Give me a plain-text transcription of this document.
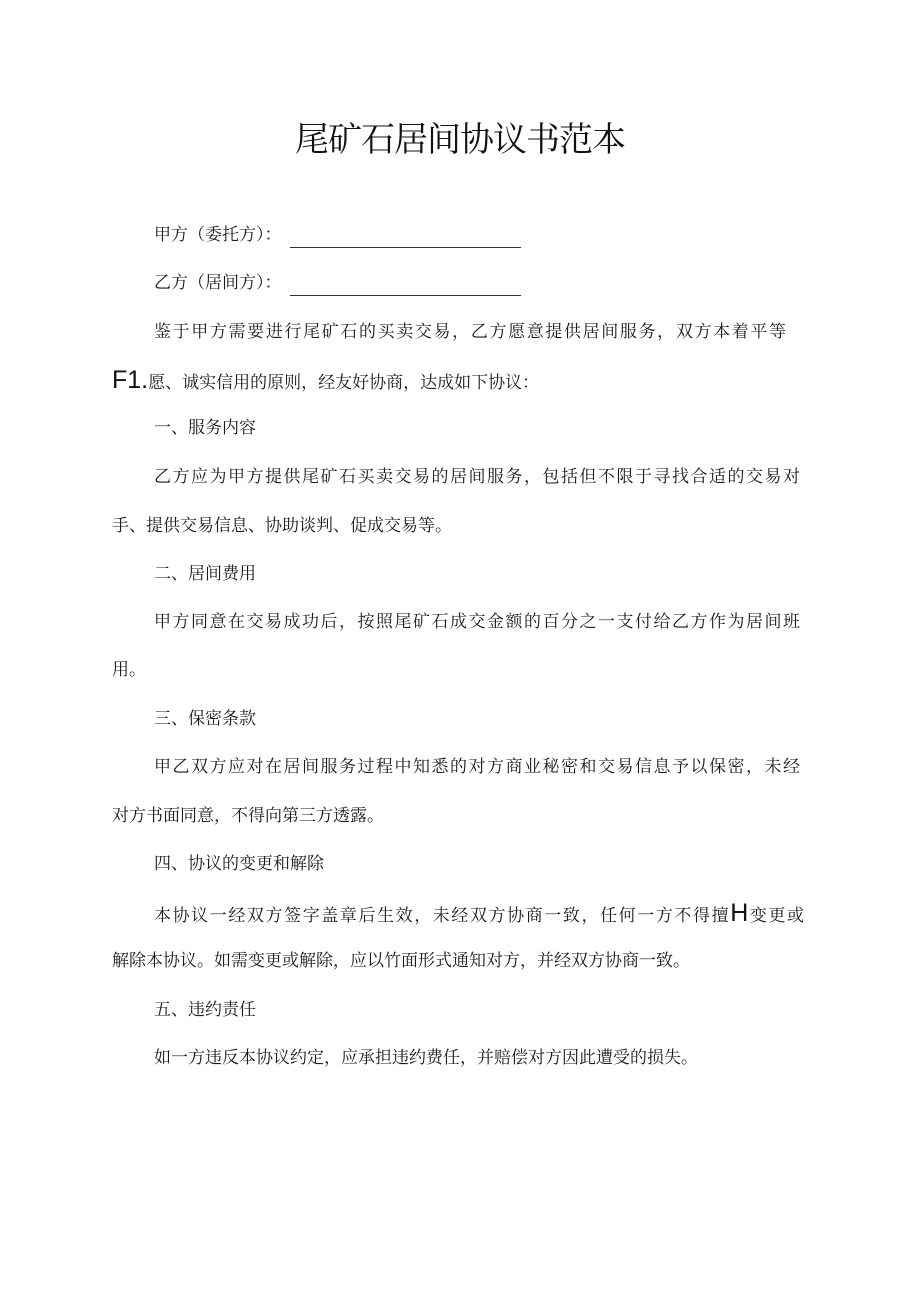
尾矿石居间协议书范本
甲方（委托方）：
乙方（居间方）：
鉴于甲方需要进行尾矿石的买卖交易，乙方愿意提供居间服务，双方本着平等
F1.愿、诚实信用的原则，经友好协商，达成如下协议：
一、服务内容
乙方应为甲方提供尾矿石买卖交易的居间服务，包括但不限于寻找合适的交易对
手、提供交易信息、协助谈判、促成交易等。
二、居间费用
甲方同意在交易成功后，按照尾矿石成交金额的百分之一支付给乙方作为居间班
用。
三、保密条款
甲乙双方应对在居间服务过程中知悉的对方商业秘密和交易信息予以保密，未经
对方书面同意，不得向第三方透露。
四、协议的变更和解除
本协议一经双方签字盖章后生效，未经双方协商一致，任何一方不得擅H变更或
解除本协议。如需变更或解除，应以竹面形式通知对方，并经双方协商一致。
五、违约责任
如一方违反本协议约定，应承担违约费任，并赔偿对方因此遭受的损失。
